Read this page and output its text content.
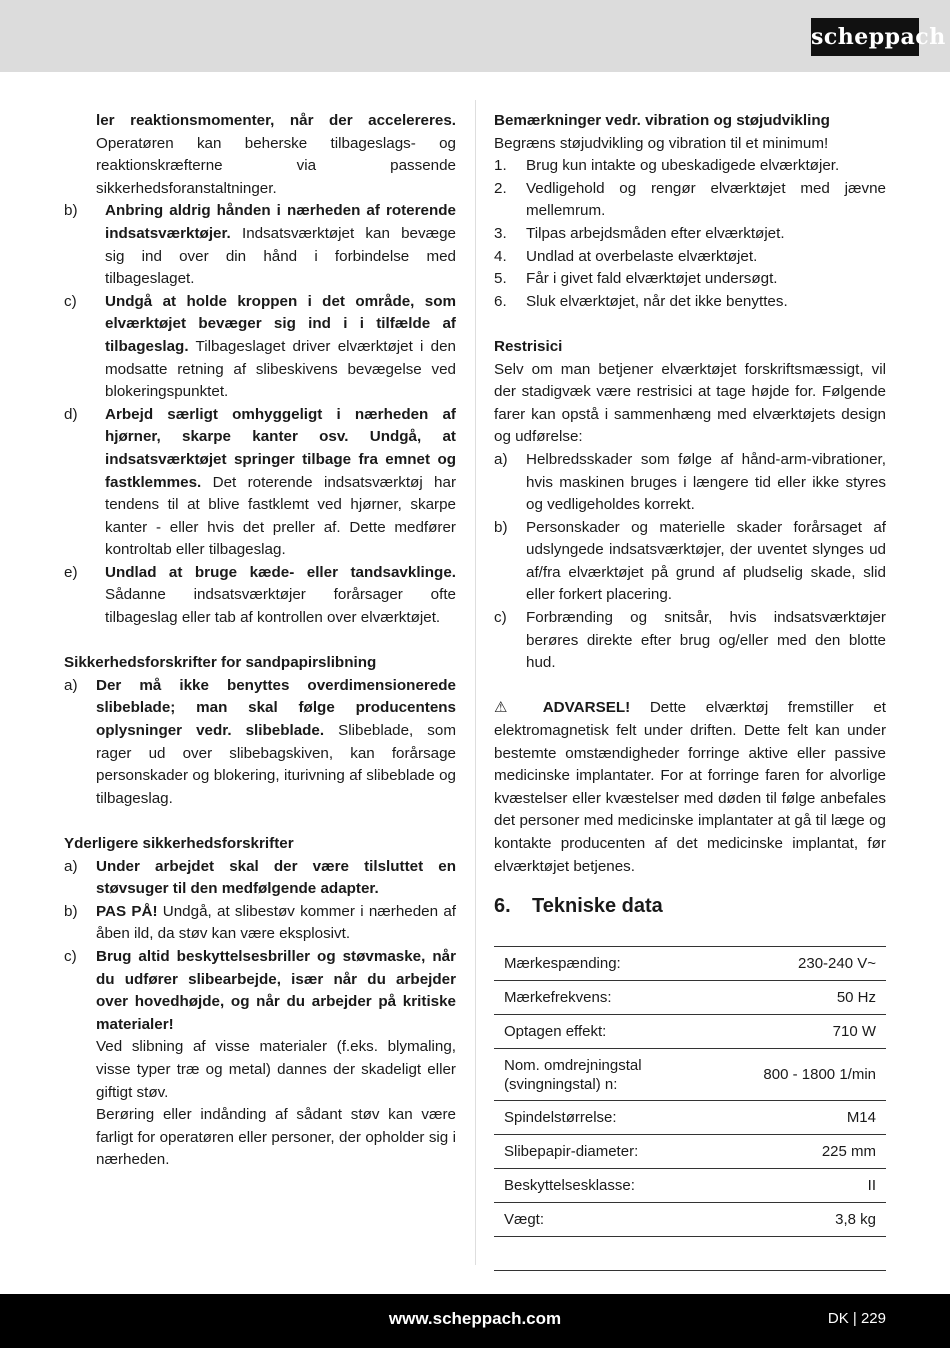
scheppach

ler reaktionsmomenter, når der accelereres. Operatøren kan beherske tilbageslags- og reaktionskræfterne via passende sikkerhedsforanstaltninger.

b) Anbring aldrig hånden i nærheden af roterende indsatsværktøjer. Indsatsværktøjet kan bevæge sig ind over din hånd i forbindelse med tilbageslaget.
c) Undgå at holde kroppen i det område, som elværktøjet bevæger sig ind i i tilfælde af tilbageslag. Tilbageslaget driver elværktøjet i den modsatte retning af slibeskivens bevægelse ved blokeringspunktet.
d) Arbejd særligt omhyggeligt i nærheden af hjørner, skarpe kanter osv. Undgå, at indsatsværktøjet springer tilbage fra emnet og fastklemmes. Det roterende indsatsværktøj har tendens til at blive fastklemt ved hjørner, skarpe kanter - eller hvis det preller af. Dette medfører kontroltab eller tilbageslag.
e) Undlad at bruge kæde- eller tandsavklinge. Sådanne indsatsværktøjer forårsager ofte tilbageslag eller tab af kontrollen over elværktøjet.
Sikkerhedsforskrifter for sandpapirslibning
a) Der må ikke benyttes overdimensionerede slibeblade; man skal følge producentens oplysninger vedr. slibeblade. Slibeblade, som rager ud over slibebagskiven, kan forårsage personskader og blokering, iturivning af slibeblade og tilbageslag.
Yderligere sikkerhedsforskrifter
a) Under arbejdet skal der være tilsluttet en støvsuger til den medfølgende adapter.
b) PAS PÅ! Undgå, at slibestøv kommer i nærheden af åben ild, da støv kan være eksplosivt.
c) Brug altid beskyttelsesbriller og støvmaske, når du udfører slibearbejde, især når du arbejder over hovedhøjde, og når du arbejder på kritiske materialer!

Ved slibning af visse materialer (f.eks. blymaling, visse typer træ og metal) dannes der skadeligt eller giftigt støv.

Berøring eller indånding af sådant støv kan være farligt for operatøren eller personer, der opholder sig i nærheden.

Bemærkninger vedr. vibration og støjudvikling

Begræns støjudvikling og vibration til et minimum!

1. Brug kun intakte og ubeskadigede elværktøjer.
2. Vedligehold og rengør elværktøjet med jævne mellemrum.
3. Tilpas arbejdsmåden efter elværktøjet.
4. Undlad at overbelaste elværktøjet.
5. Får i givet fald elværktøjet undersøgt.
6. Sluk elværktøjet, når det ikke benyttes.
Restrisici

Selv om man betjener elværktøjet forskriftsmæssigt, vil der stadigvæk være restrisici at tage højde for. Følgende farer kan opstå i sammenhæng med elværktøjets design og udførelse:

a) Helbredsskader som følge af hånd-arm-vibrationer, hvis maskinen bruges i længere tid eller ikke styres og vedligeholdes korrekt.
b) Personskader og materielle skader forårsaget af udslyngede indsatsværktøjer, der uventet slynges ud af/fra elværktøjet på grund af pludselig skade, slid eller forkert placering.
c) Forbrænding og snitsår, hvis indsatsværktøjer berøres direkte efter brug og/eller med den blotte hud.

⚠ ADVARSEL! Dette elværktøj fremstiller et elektromagnetisk felt under driften. Dette felt kan under bestemte omstændigheder forringe aktive eller passive medicinske implantater. For at forringe faren for alvorlige kvæstelser eller kvæstelser med døden til følge anbefales det personer med medicinske implantater at gå til læge og kontakte producenten af det medicinske implantat, før elværktøjet betjenes.

6. Tekniske data
Mærkespænding:	230-240 V~
Mærkefrekvens:	50 Hz
Optagen effekt:	710 W
Nom. omdrejningstal (svingningstal) n:	800 - 1800 1/min
Spindelstørrelse:	M14
Slibepapir-diameter:	225 mm
Beskyttelsesklasse:	II
Vægt:	3,8 kg

www.scheppach.com	DK | 229
